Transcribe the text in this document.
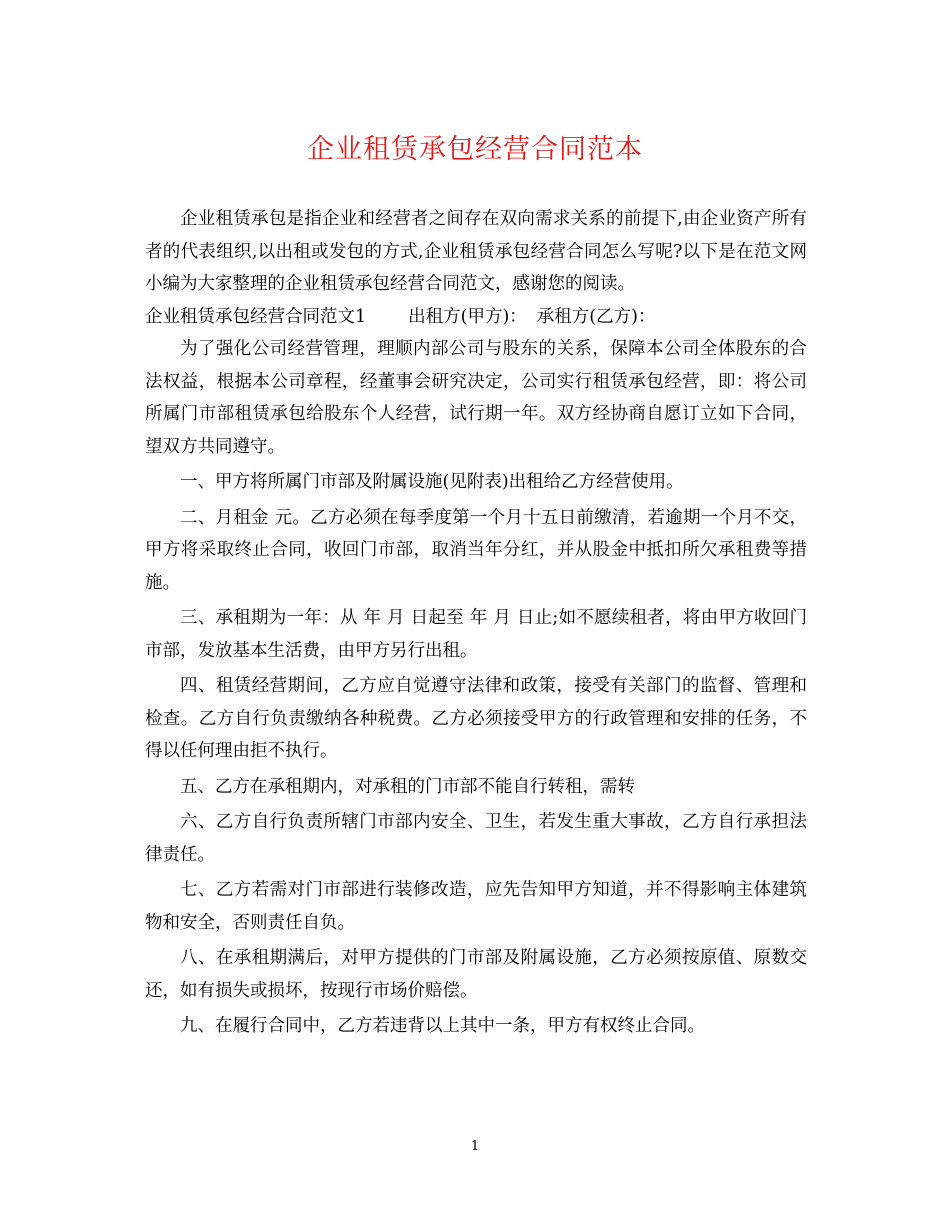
企业租赁承包经营合同范本

企业租赁承包是指企业和经营者之间存在双向需求关系的前提下,由企业资产所有者的代表组织,以出租或发包的方式,企业租赁承包经营合同怎么写呢?以下是在范文网小编为大家整理的企业租赁承包经营合同范文，感谢您的阅读。

企业租赁承包经营合同范文1 出租方(甲方)： 承租方(乙方)：

为了强化公司经营管理，理顺内部公司与股东的关系，保障本公司全体股东的合法权益，根据本公司章程，经董事会研究决定，公司实行租赁承包经营，即：将公司所属门市部租赁承包给股东个人经营，试行期一年。双方经协商自愿订立如下合同，望双方共同遵守。

一、甲方将所属门市部及附属设施(见附表)出租给乙方经营使用。

二、月租金 元。乙方必须在每季度第一个月十五日前缴清，若逾期一个月不交，甲方将采取终止合同，收回门市部，取消当年分红，并从股金中抵扣所欠承租费等措施。

三、承租期为一年：从 年 月 日起至 年 月 日止;如不愿续租者，将由甲方收回门市部，发放基本生活费，由甲方另行出租。

四、租赁经营期间，乙方应自觉遵守法律和政策，接受有关部门的监督、管理和检查。乙方自行负责缴纳各种税费。乙方必须接受甲方的行政管理和安排的任务，不得以任何理由拒不执行。

五、乙方在承租期内，对承租的门市部不能自行转租，需转

六、乙方自行负责所辖门市部内安全、卫生，若发生重大事故，乙方自行承担法律责任。

七、乙方若需对门市部进行装修改造，应先告知甲方知道，并不得影响主体建筑物和安全，否则责任自负。

八、在承租期满后，对甲方提供的门市部及附属设施，乙方必须按原值、原数交还，如有损失或损坏，按现行市场价赔偿。

九、在履行合同中，乙方若违背以上其中一条，甲方有权终止合同。

1
